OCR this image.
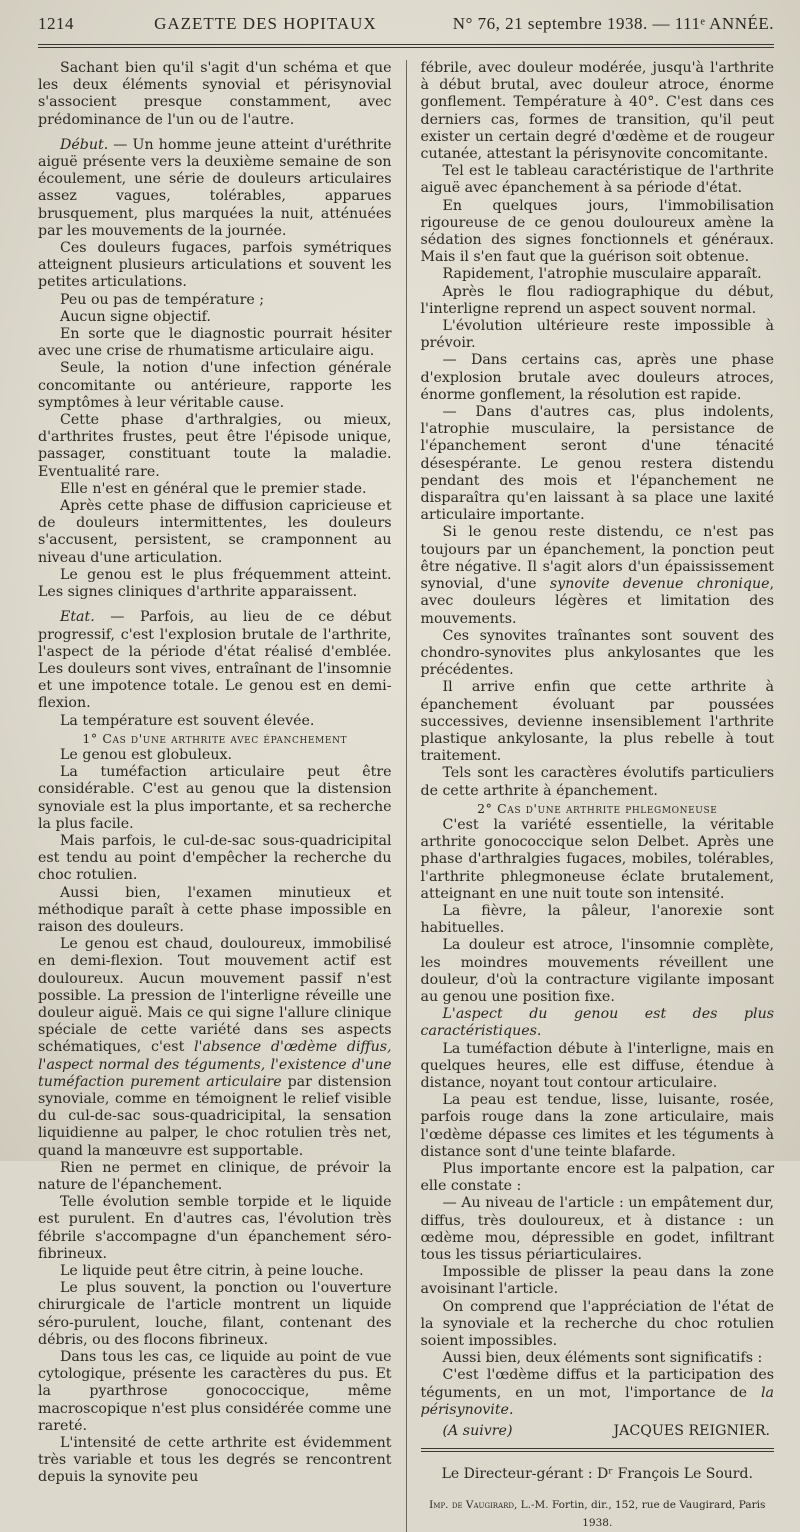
1214	GAZETTE DES HOPITAUX	N° 76, 21 septembre 1938. — 111ᵉ ANNÉE.

Sachant bien qu'il s'agit d'un schéma et que les deux éléments synovial et périsynovial s'associent presque constamment, avec prédominance de l'un ou de l'autre.

Début. — Un homme jeune atteint d'uréthrite aiguë présente vers la deuxième semaine de son écoulement, une série de douleurs articulaires assez vagues, tolérables, apparues brusquement, plus marquées la nuit, atténuées par les mouvements de la journée.

Ces douleurs fugaces, parfois symétriques atteignent plusieurs articulations et souvent les petites articulations.

Peu ou pas de température ;

Aucun signe objectif.

En sorte que le diagnostic pourrait hésiter avec une crise de rhumatisme articulaire aigu.

Seule, la notion d'une infection générale concomitante ou antérieure, rapporte les symptômes à leur véritable cause.

Cette phase d'arthralgies, ou mieux, d'arthrites frustes, peut être l'épisode unique, passager, constituant toute la maladie. Eventualité rare.

Elle n'est en général que le premier stade.

Après cette phase de diffusion capricieuse et de douleurs intermittentes, les douleurs s'accusent, persistent, se cramponnent au niveau d'une articulation.

Le genou est le plus fréquemment atteint. Les signes cliniques d'arthrite apparaissent.

Etat. — Parfois, au lieu de ce début progressif, c'est l'explosion brutale de l'arthrite, l'aspect de la période d'état réalisé d'emblée. Les douleurs sont vives, entraînant de l'insomnie et une impotence totale. Le genou est en demi-flexion.

La température est souvent élevée.

1° Cas d'une arthrite avec épanchement

Le genou est globuleux.

La tuméfaction articulaire peut être considérable. C'est au genou que la distension synoviale est la plus importante, et sa recherche la plus facile.

Mais parfois, le cul-de-sac sous-quadricipital est tendu au point d'empêcher la recherche du choc rotulien.

Aussi bien, l'examen minutieux et méthodique paraît à cette phase impossible en raison des douleurs.

Le genou est chaud, douloureux, immobilisé en demi-flexion. Tout mouvement actif est douloureux. Aucun mouvement passif n'est possible. La pression de l'interligne réveille une douleur aiguë. Mais ce qui signe l'allure clinique spéciale de cette variété dans ses aspects schématiques, c'est l'absence d'œdème diffus, l'aspect normal des téguments, l'existence d'une tuméfaction purement articulaire par distension synoviale, comme en témoignent le relief visible du cul-de-sac sous-quadricipital, la sensation liquidienne au palper, le choc rotulien très net, quand la manœuvre est supportable.

Rien ne permet en clinique, de prévoir la nature de l'épanchement.

Telle évolution semble torpide et le liquide est purulent. En d'autres cas, l'évolution très fébrile s'accompagne d'un épanchement séro-fibrineux.

Le liquide peut être citrin, à peine louche.

Le plus souvent, la ponction ou l'ouverture chirurgicale de l'article montrent un liquide séro-purulent, louche, filant, contenant des débris, ou des flocons fibrineux.

Dans tous les cas, ce liquide au point de vue cytologique, présente les caractères du pus. Et la pyarthrose gonococcique, même macroscopique n'est plus considérée comme une rareté.

L'intensité de cette arthrite est évidemment très variable et tous les degrés se rencontrent depuis la synovite peu

fébrile, avec douleur modérée, jusqu'à l'arthrite à début brutal, avec douleur atroce, énorme gonflement. Température à 40°. C'est dans ces derniers cas, formes de transition, qu'il peut exister un certain degré d'œdème et de rougeur cutanée, attestant la périsynovite concomitante.

Tel est le tableau caractéristique de l'arthrite aiguë avec épanchement à sa période d'état.

En quelques jours, l'immobilisation rigoureuse de ce genou douloureux amène la sédation des signes fonctionnels et généraux. Mais il s'en faut que la guérison soit obtenue.

Rapidement, l'atrophie musculaire apparaît.

Après le flou radiographique du début, l'interligne reprend un aspect souvent normal.

L'évolution ultérieure reste impossible à prévoir.

— Dans certains cas, après une phase d'explosion brutale avec douleurs atroces, énorme gonflement, la résolution est rapide.

— Dans d'autres cas, plus indolents, l'atrophie musculaire, la persistance de l'épanchement seront d'une ténacité désespérante. Le genou restera distendu pendant des mois et l'épanchement ne disparaîtra qu'en laissant à sa place une laxité articulaire importante.

Si le genou reste distendu, ce n'est pas toujours par un épanchement, la ponction peut être négative. Il s'agit alors d'un épaississement synovial, d'une synovite devenue chronique, avec douleurs légères et limitation des mouvements.

Ces synovites traînantes sont souvent des chondro-synovites plus ankylosantes que les précédentes.

Il arrive enfin que cette arthrite à épanchement évoluant par poussées successives, devienne insensiblement l'arthrite plastique ankylosante, la plus rebelle à tout traitement.

Tels sont les caractères évolutifs particuliers de cette arthrite à épanchement.

2° Cas d'une arthrite phlegmoneuse

C'est la variété essentielle, la véritable arthrite gonococcique selon Delbet. Après une phase d'arthralgies fugaces, mobiles, tolérables, l'arthrite phlegmoneuse éclate brutalement, atteignant en une nuit toute son intensité.

La fièvre, la pâleur, l'anorexie sont habituelles.

La douleur est atroce, l'insomnie complète, les moindres mouvements réveillent une douleur, d'où la contracture vigilante imposant au genou une position fixe.

L'aspect du genou est des plus caractéristiques.

La tuméfaction débute à l'interligne, mais en quelques heures, elle est diffuse, étendue à distance, noyant tout contour articulaire.

La peau est tendue, lisse, luisante, rosée, parfois rouge dans la zone articulaire, mais l'œdème dépasse ces limites et les téguments à distance sont d'une teinte blafarde.

Plus importante encore est la palpation, car elle constate :

— Au niveau de l'article : un empâtement dur, diffus, très douloureux, et à distance : un œdème mou, dépressible en godet, infiltrant tous les tissus périarticulaires.

Impossible de plisser la peau dans la zone avoisinant l'article.

On comprend que l'appréciation de l'état de la synoviale et la recherche du choc rotulien soient impossibles.

Aussi bien, deux éléments sont significatifs :

C'est l'œdème diffus et la participation des téguments, en un mot, l'importance de la périsynovite.

(A suivre)	JACQUES REIGNIER.
Le Directeur-gérant : Dʳ François Le Sourd.
Imp. de Vaugirard, L.-M. Fortin, dir., 152, rue de Vaugirard, Paris 1938.
